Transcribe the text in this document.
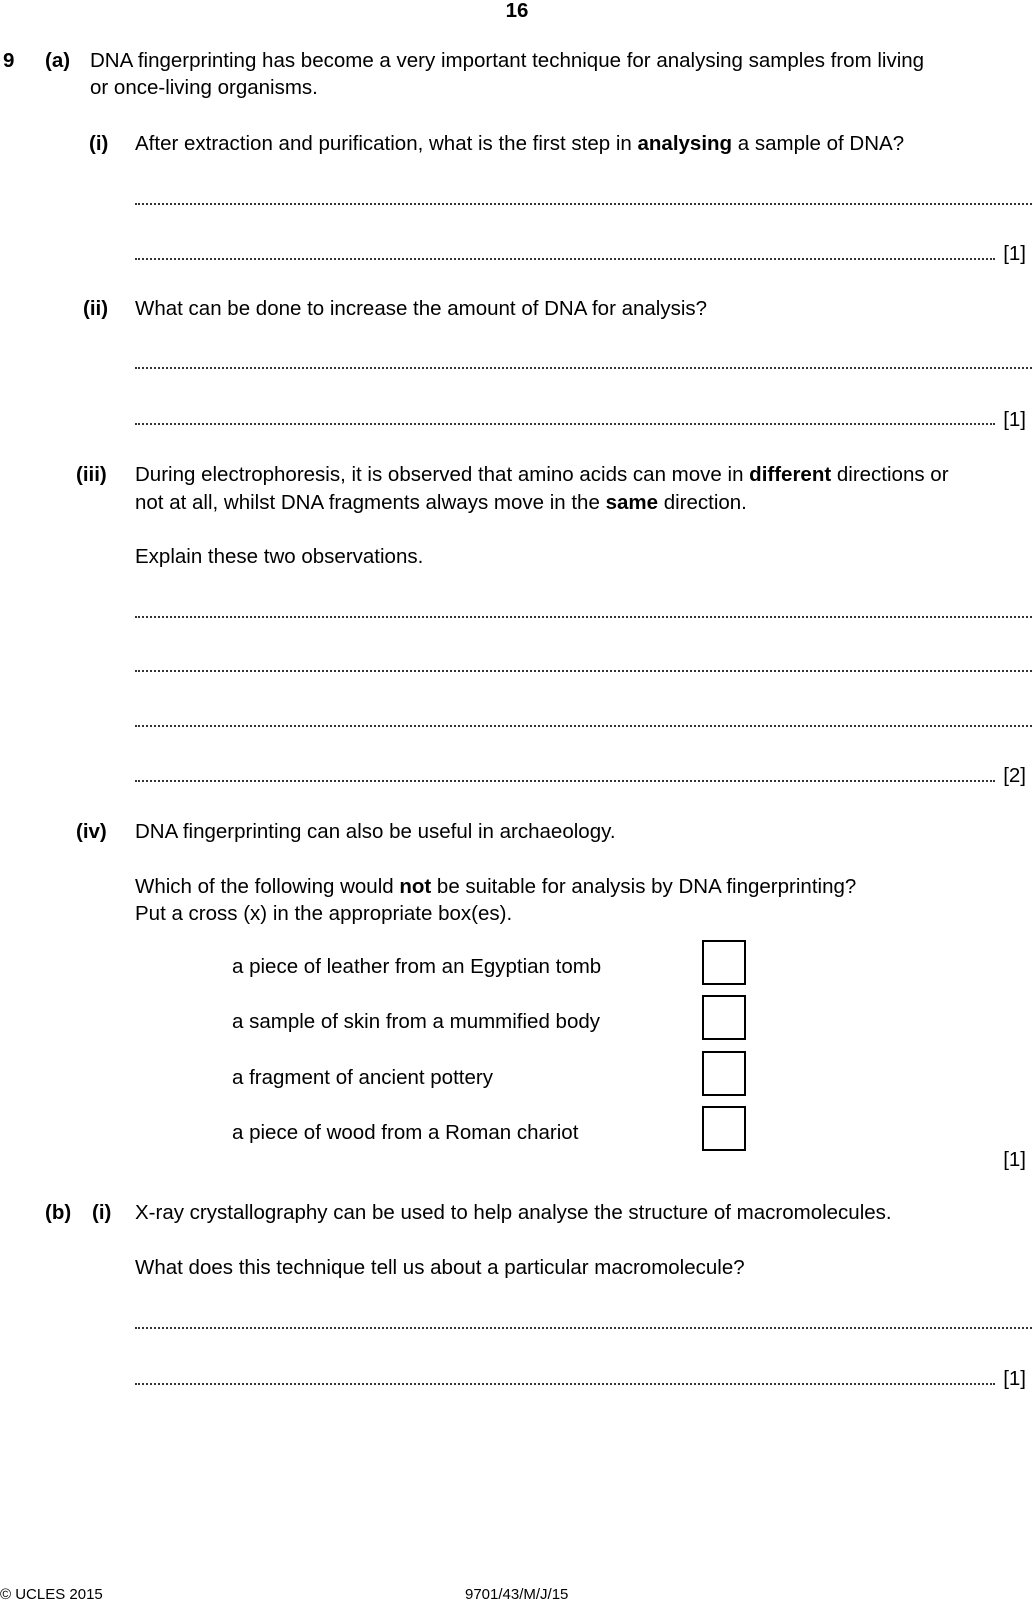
16
9 (a) DNA fingerprinting has become a very important technique for analysing samples from living
or once-living organisms.
(i) After extraction and purification, what is the first step in analysing a sample of DNA?
[1]
(ii) What can be done to increase the amount of DNA for analysis?
[1]
(iii) During electrophoresis, it is observed that amino acids can move in different directions or
not at all, whilst DNA fragments always move in the same direction.
Explain these two observations.
[2]
(iv) DNA fingerprinting can also be useful in archaeology.
Which of the following would not be suitable for analysis by DNA fingerprinting?
Put a cross (x) in the appropriate box(es).
a piece of leather from an Egyptian tomb
a sample of skin from a mummified body
a fragment of ancient pottery
a piece of wood from a Roman chariot
[1]
(b) (i) X-ray crystallography can be used to help analyse the structure of macromolecules.
What does this technique tell us about a particular macromolecule?
[1]
© UCLES 2015	9701/43/M/J/15
